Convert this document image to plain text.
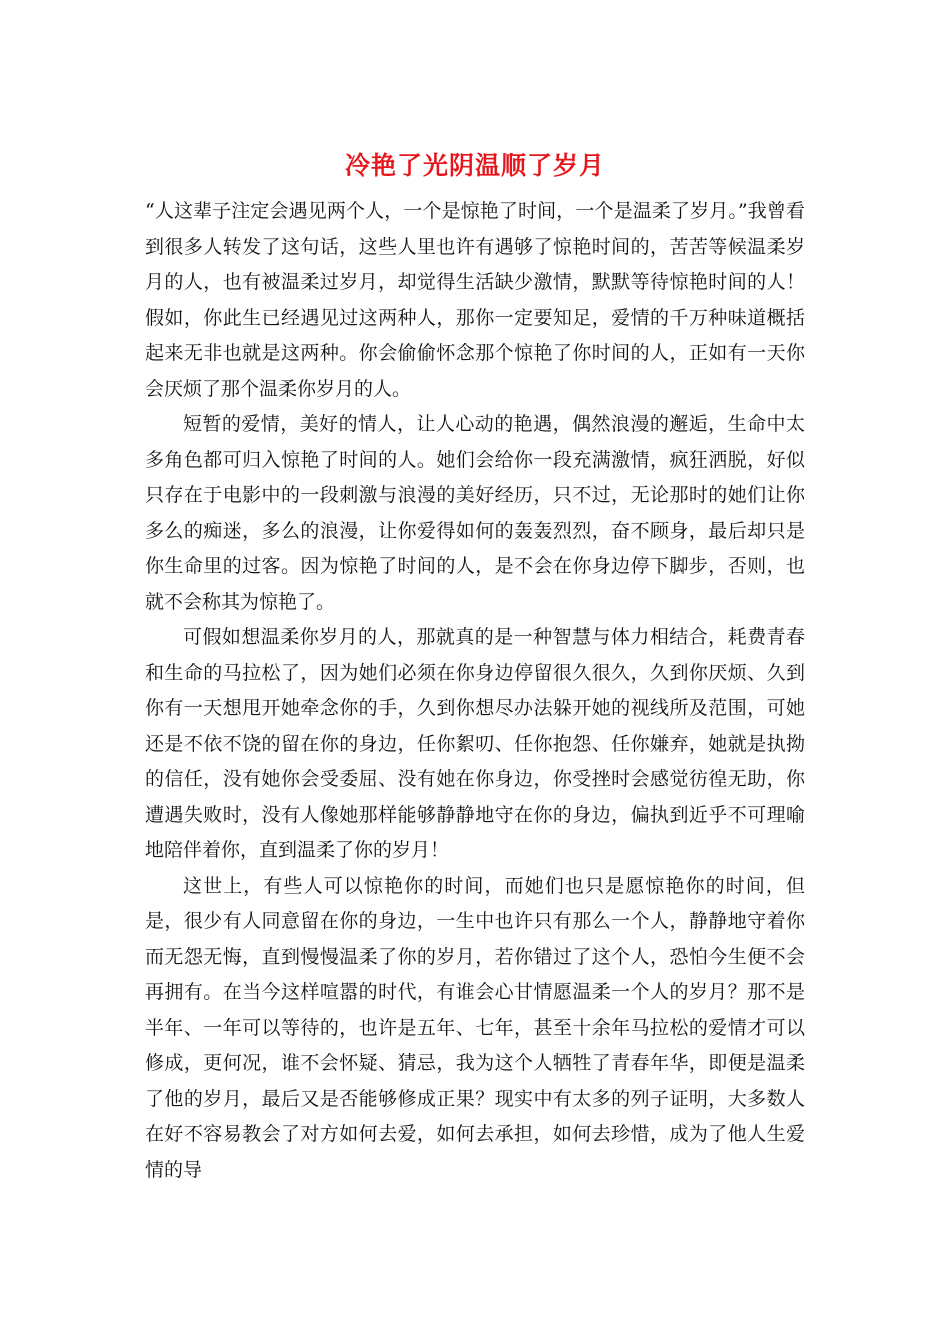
冷艳了光阴温顺了岁月

“人这辈子注定会遇见两个人，一个是惊艳了时间，一个是温柔了岁月。”我曾看到很多人转发了这句话，这些人里也许有遇够了惊艳时间的，苦苦等候温柔岁月的人，也有被温柔过岁月，却觉得生活缺少激情，默默等待惊艳时间的人！假如，你此生已经遇见过这两种人，那你一定要知足，爱情的千万种味道概括起来无非也就是这两种。你会偷偷怀念那个惊艳了你时间的人，正如有一天你会厌烦了那个温柔你岁月的人。

短暂的爱情，美好的情人，让人心动的艳遇，偶然浪漫的邂逅，生命中太多角色都可归入惊艳了时间的人。她们会给你一段充满激情，疯狂洒脱，好似只存在于电影中的一段刺激与浪漫的美好经历，只不过，无论那时的她们让你多么的痴迷，多么的浪漫，让你爱得如何的轰轰烈烈，奋不顾身，最后却只是你生命里的过客。因为惊艳了时间的人，是不会在你身边停下脚步，否则，也就不会称其为惊艳了。

可假如想温柔你岁月的人，那就真的是一种智慧与体力相结合，耗费青春和生命的马拉松了，因为她们必须在你身边停留很久很久，久到你厌烦、久到你有一天想甩开她牵念你的手，久到你想尽办法躲开她的视线所及范围，可她还是不依不饶的留在你的身边，任你絮叨、任你抱怨、任你嫌弃，她就是执拗的信任，没有她你会受委屈、没有她在你身边，你受挫时会感觉彷徨无助，你遭遇失败时，没有人像她那样能够静静地守在你的身边，偏执到近乎不可理喻地陪伴着你，直到温柔了你的岁月！

这世上，有些人可以惊艳你的时间，而她们也只是愿惊艳你的时间，但是，很少有人同意留在你的身边，一生中也许只有那么一个人，静静地守着你而无怨无悔，直到慢慢温柔了你的岁月，若你错过了这个人，恐怕今生便不会再拥有。在当今这样喧嚣的时代，有谁会心甘情愿温柔一个人的岁月？那不是半年、一年可以等待的，也许是五年、七年，甚至十余年马拉松的爱情才可以修成，更何况，谁不会怀疑、猜忌，我为这个人牺牲了青春年华，即便是温柔了他的岁月，最后又是否能够修成正果？现实中有太多的列子证明，大多数人在好不容易教会了对方如何去爱，如何去承担，如何去珍惜，成为了他人生爱情的导
